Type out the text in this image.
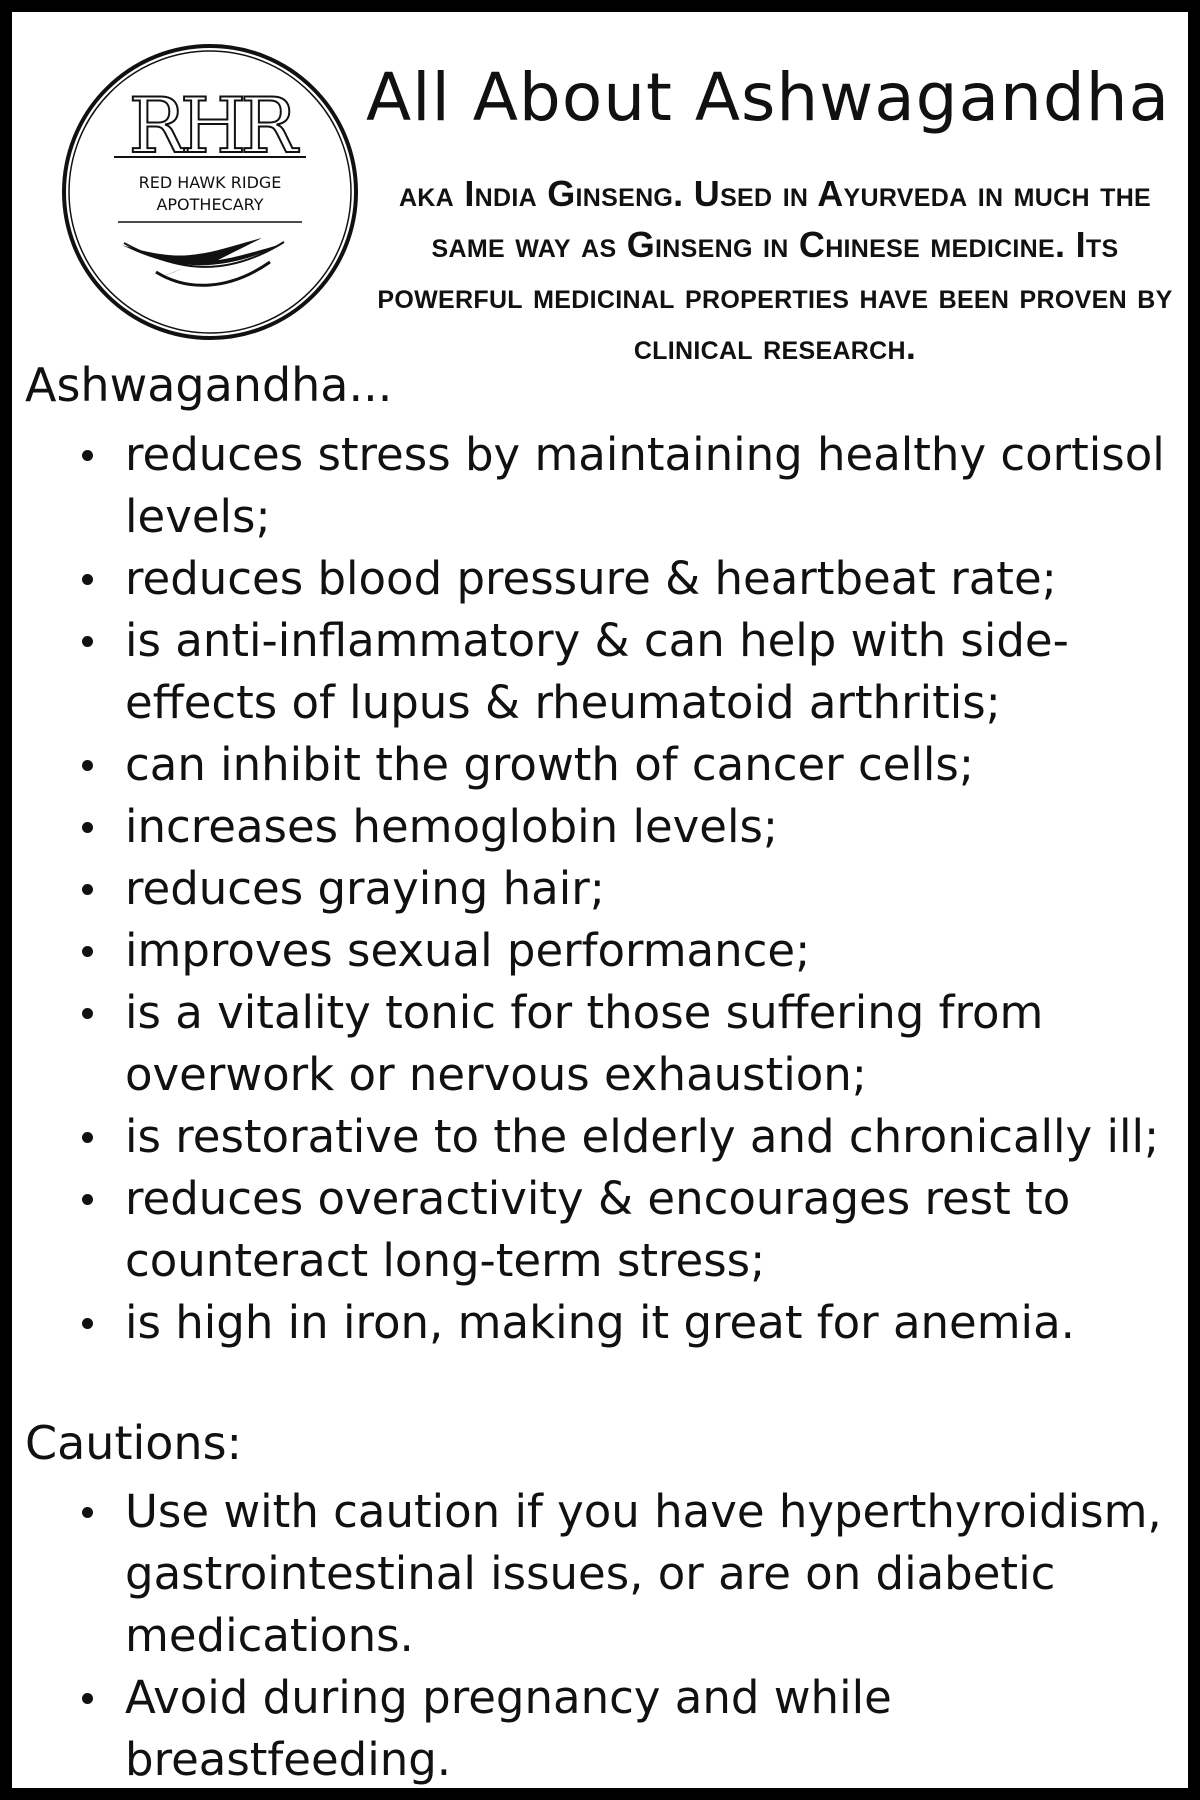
RHR
RED HAWK RIDGE
APOTHECARY
All About Ashwagandha

aka India Ginseng. Used in Ayurveda in much the same way as Ginseng in Chinese medicine. Its powerful medicinal properties have been proven by clinical research.

Ashwagandha...
reduces stress by maintaining healthy cortisol levels;
reduces blood pressure & heartbeat rate;
is anti-inflammatory & can help with side-effects of lupus & rheumatoid arthritis;
can inhibit the growth of cancer cells;
increases hemoglobin levels;
reduces graying hair;
improves sexual performance;
is a vitality tonic for those suffering from overwork or nervous exhaustion;
is restorative to the elderly and chronically ill;
reduces overactivity & encourages rest to counteract long-term stress;
is high in iron, making it great for anemia.
Cautions:
Use with caution if you have hyperthyroidism, gastrointestinal issues, or are on diabetic medications.
Avoid during pregnancy and while breastfeeding.
